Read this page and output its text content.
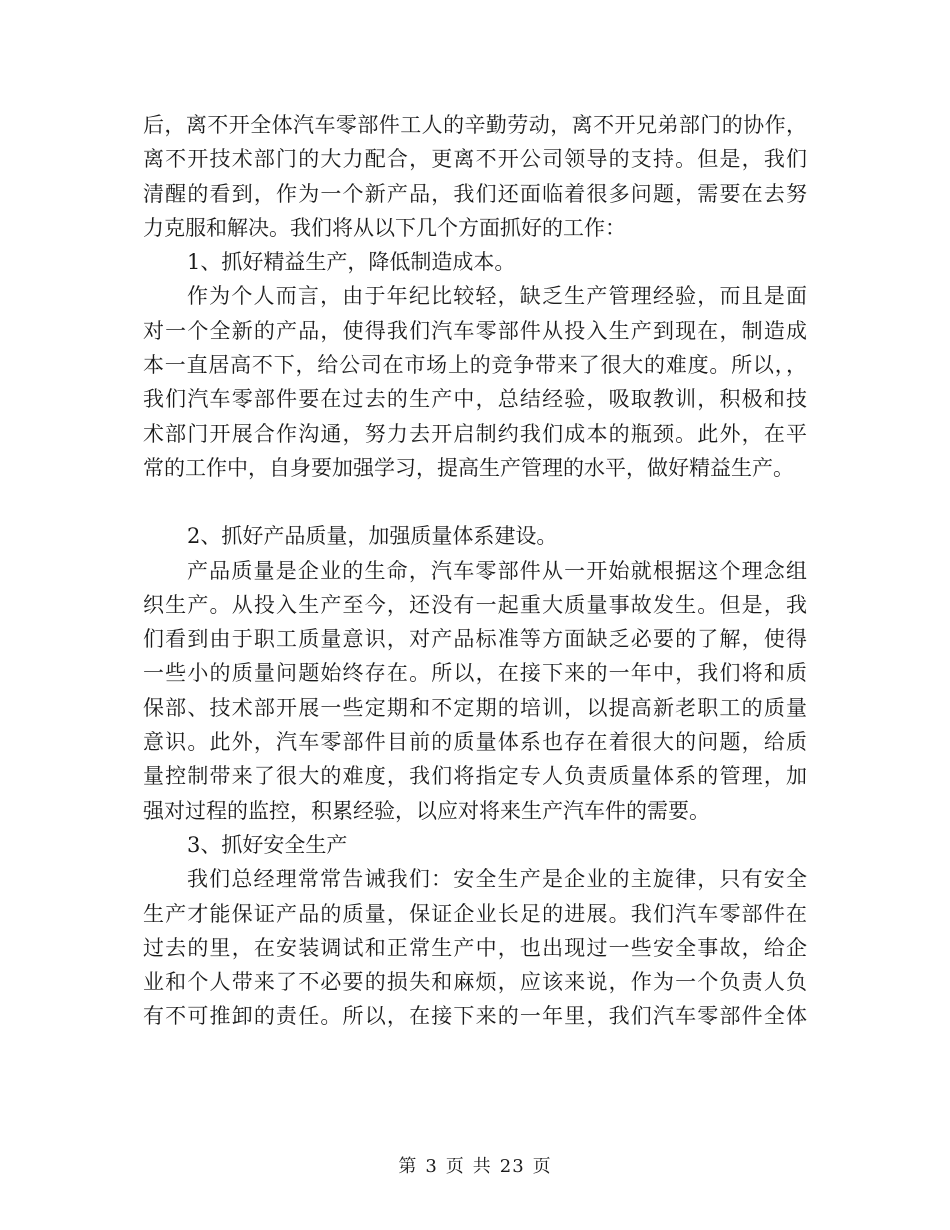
后，离不开全体汽车零部件工人的辛勤劳动，离不开兄弟部门的协作，
离不开技术部门的大力配合，更离不开公司领导的支持。但是，我们
清醒的看到，作为一个新产品，我们还面临着很多问题，需要在去努
力克服和解决。我们将从以下几个方面抓好的工作：
1、抓好精益生产，降低制造成本。
作为个人而言，由于年纪比较轻，缺乏生产管理经验，而且是面
对一个全新的产品，使得我们汽车零部件从投入生产到现在，制造成
本一直居高不下，给公司在市场上的竞争带来了很大的难度。所以，，
我们汽车零部件要在过去的生产中，总结经验，吸取教训，积极和技
术部门开展合作沟通，努力去开启制约我们成本的瓶颈。此外，在平
常的工作中，自身要加强学习，提高生产管理的水平，做好精益生产。
2、抓好产品质量，加强质量体系建设。
产品质量是企业的生命，汽车零部件从一开始就根据这个理念组
织生产。从投入生产至今，还没有一起重大质量事故发生。但是，我
们看到由于职工质量意识，对产品标准等方面缺乏必要的了解，使得
一些小的质量问题始终存在。所以，在接下来的一年中，我们将和质
保部、技术部开展一些定期和不定期的培训，以提高新老职工的质量
意识。此外，汽车零部件目前的质量体系也存在着很大的问题，给质
量控制带来了很大的难度，我们将指定专人负责质量体系的管理，加
强对过程的监控，积累经验，以应对将来生产汽车件的需要。
3、抓好安全生产
我们总经理常常告诫我们：安全生产是企业的主旋律，只有安全
生产才能保证产品的质量，保证企业长足的进展。我们汽车零部件在
过去的里，在安装调试和正常生产中，也出现过一些安全事故，给企
业和个人带来了不必要的损失和麻烦，应该来说，作为一个负责人负
有不可推卸的责任。所以，在接下来的一年里，我们汽车零部件全体
第 3 页 共 23 页
